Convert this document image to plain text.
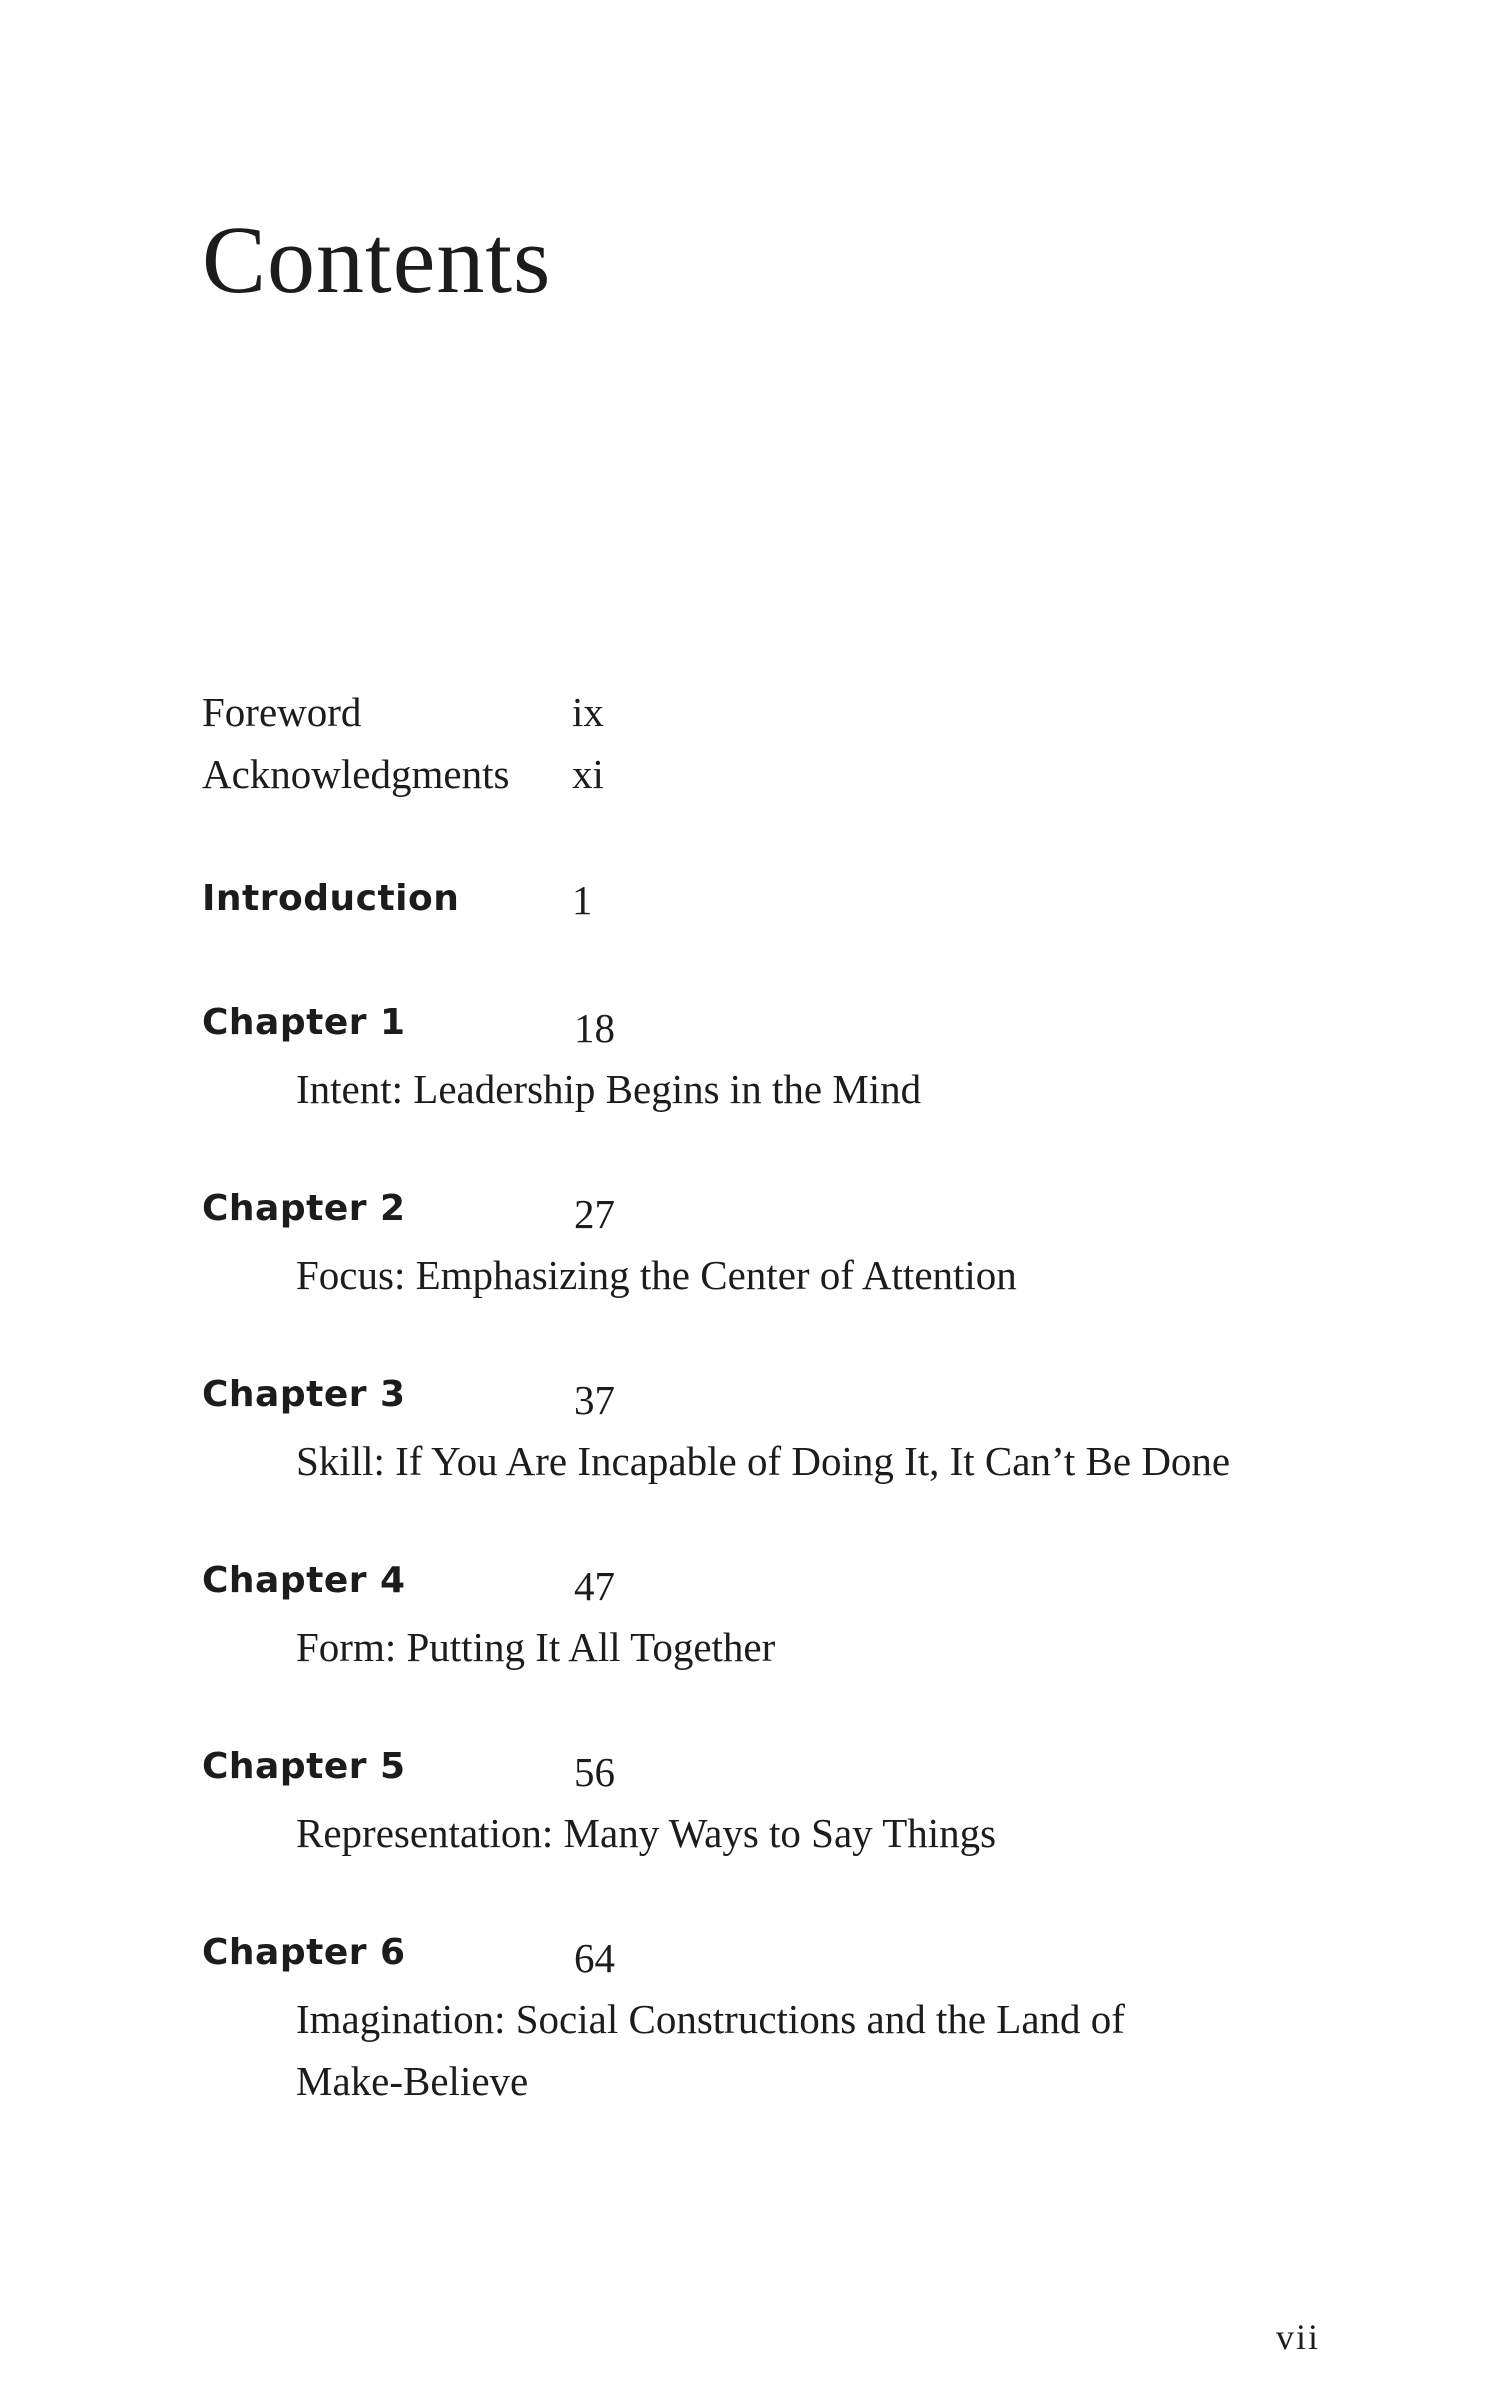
Contents
Foreword	ix
Acknowledgments xi
Introduction	1
Chapter 1	18
Intent: Leadership Begins in the Mind
Chapter 2	27
Focus: Emphasizing the Center of Attention
Chapter 3	37
Skill: If You Are Incapable of Doing It, It Can’t Be Done
Chapter 4	47
Form: Putting It All Together
Chapter 5	56
Representation: Many Ways to Say Things
Chapter 6	64
Imagination: Social Constructions and the Land of Make-Believe
vii
